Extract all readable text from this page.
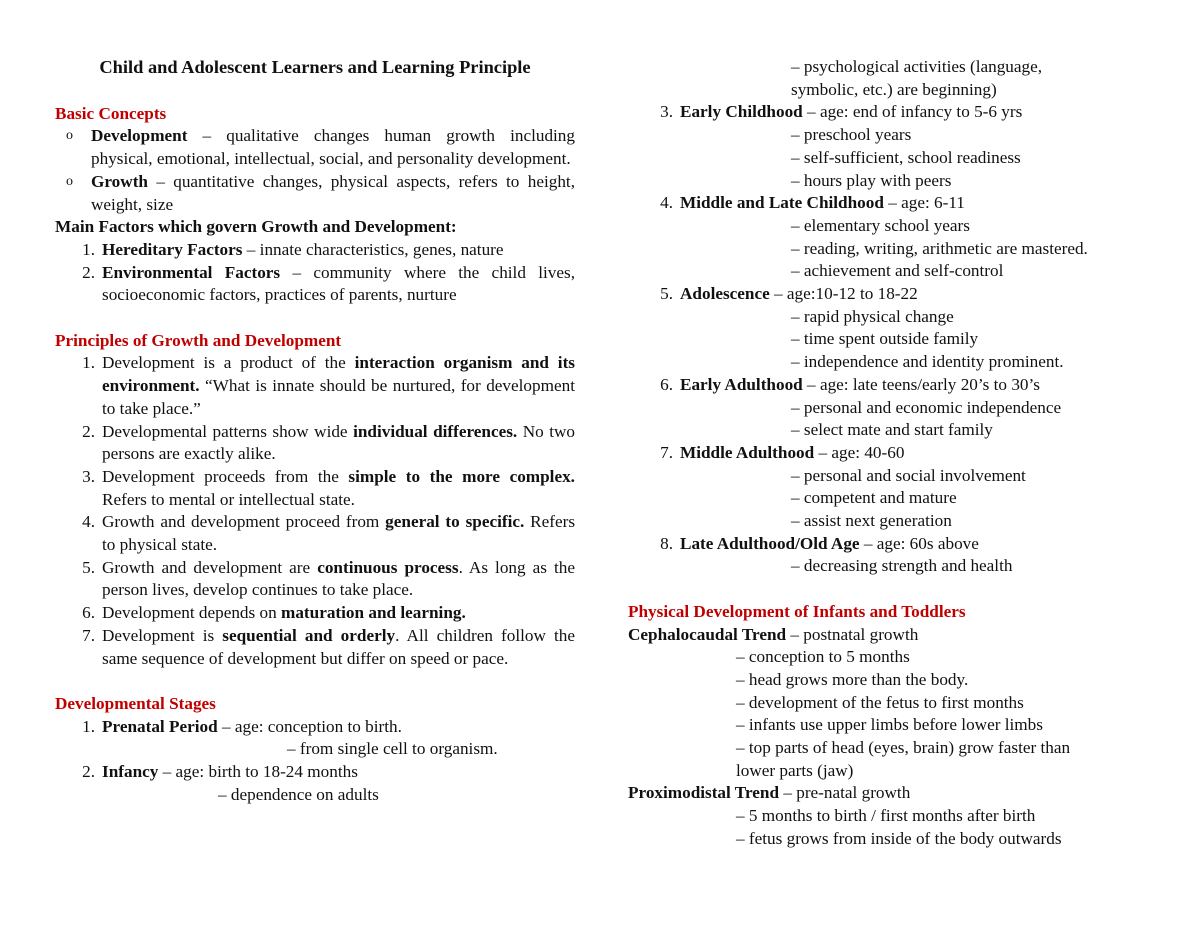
Child and Adolescent Learners and Learning Principle
Basic Concepts
o	Development – qualitative changes human growth including physical, emotional, intellectual, social, and personality development.
o	Growth – quantitative changes, physical aspects, refers to height, weight, size
Main Factors which govern Growth and Development:
1. Hereditary Factors – innate characteristics, genes, nature
2. Environmental Factors – community where the child lives, socioeconomic factors, practices of parents, nurture
Principles of Growth and Development
1. Development is a product of the interaction organism and its environment. “What is innate should be nurtured, for development to take place.”
2. Developmental patterns show wide individual differences. No two persons are exactly alike.
3. Development proceeds from the simple to the more complex. Refers to mental or intellectual state.
4. Growth and development proceed from general to specific. Refers to physical state.
5. Growth and development are continuous process. As long as the person lives, develop continues to take place.
6. Development depends on maturation and learning.
7. Development is sequential and orderly. All children follow the same sequence of development but differ on speed or pace.
Developmental Stages
1. Prenatal Period – age: conception to birth.
– from single cell to organism.
2. Infancy – age: birth to 18-24 months
– dependence on adults
– psychological activities (language,
symbolic, etc.) are beginning)
3. Early Childhood – age: end of infancy to 5-6 yrs
– preschool years
– self-sufficient, school readiness
– hours play with peers
4. Middle and Late Childhood – age: 6-11
– elementary school years
– reading, writing, arithmetic are mastered.
– achievement and self-control
5. Adolescence – age:10-12 to 18-22
– rapid physical change
– time spent outside family
– independence and identity prominent.
6. Early Adulthood – age: late teens/early 20’s to 30’s
– personal and economic independence
– select mate and start family
7. Middle Adulthood – age: 40-60
– personal and social involvement
– competent and mature
– assist next generation
8. Late Adulthood/Old Age – age: 60s above
– decreasing strength and health
Physical Development of Infants and Toddlers
Cephalocaudal Trend – postnatal growth
– conception to 5 months
– head grows more than the body.
– development of the fetus to first months
– infants use upper limbs before lower limbs
– top parts of head (eyes, brain) grow faster than
lower parts (jaw)
Proximodistal Trend – pre-natal growth
– 5 months to birth / first months after birth
– fetus grows from inside of the body outwards
